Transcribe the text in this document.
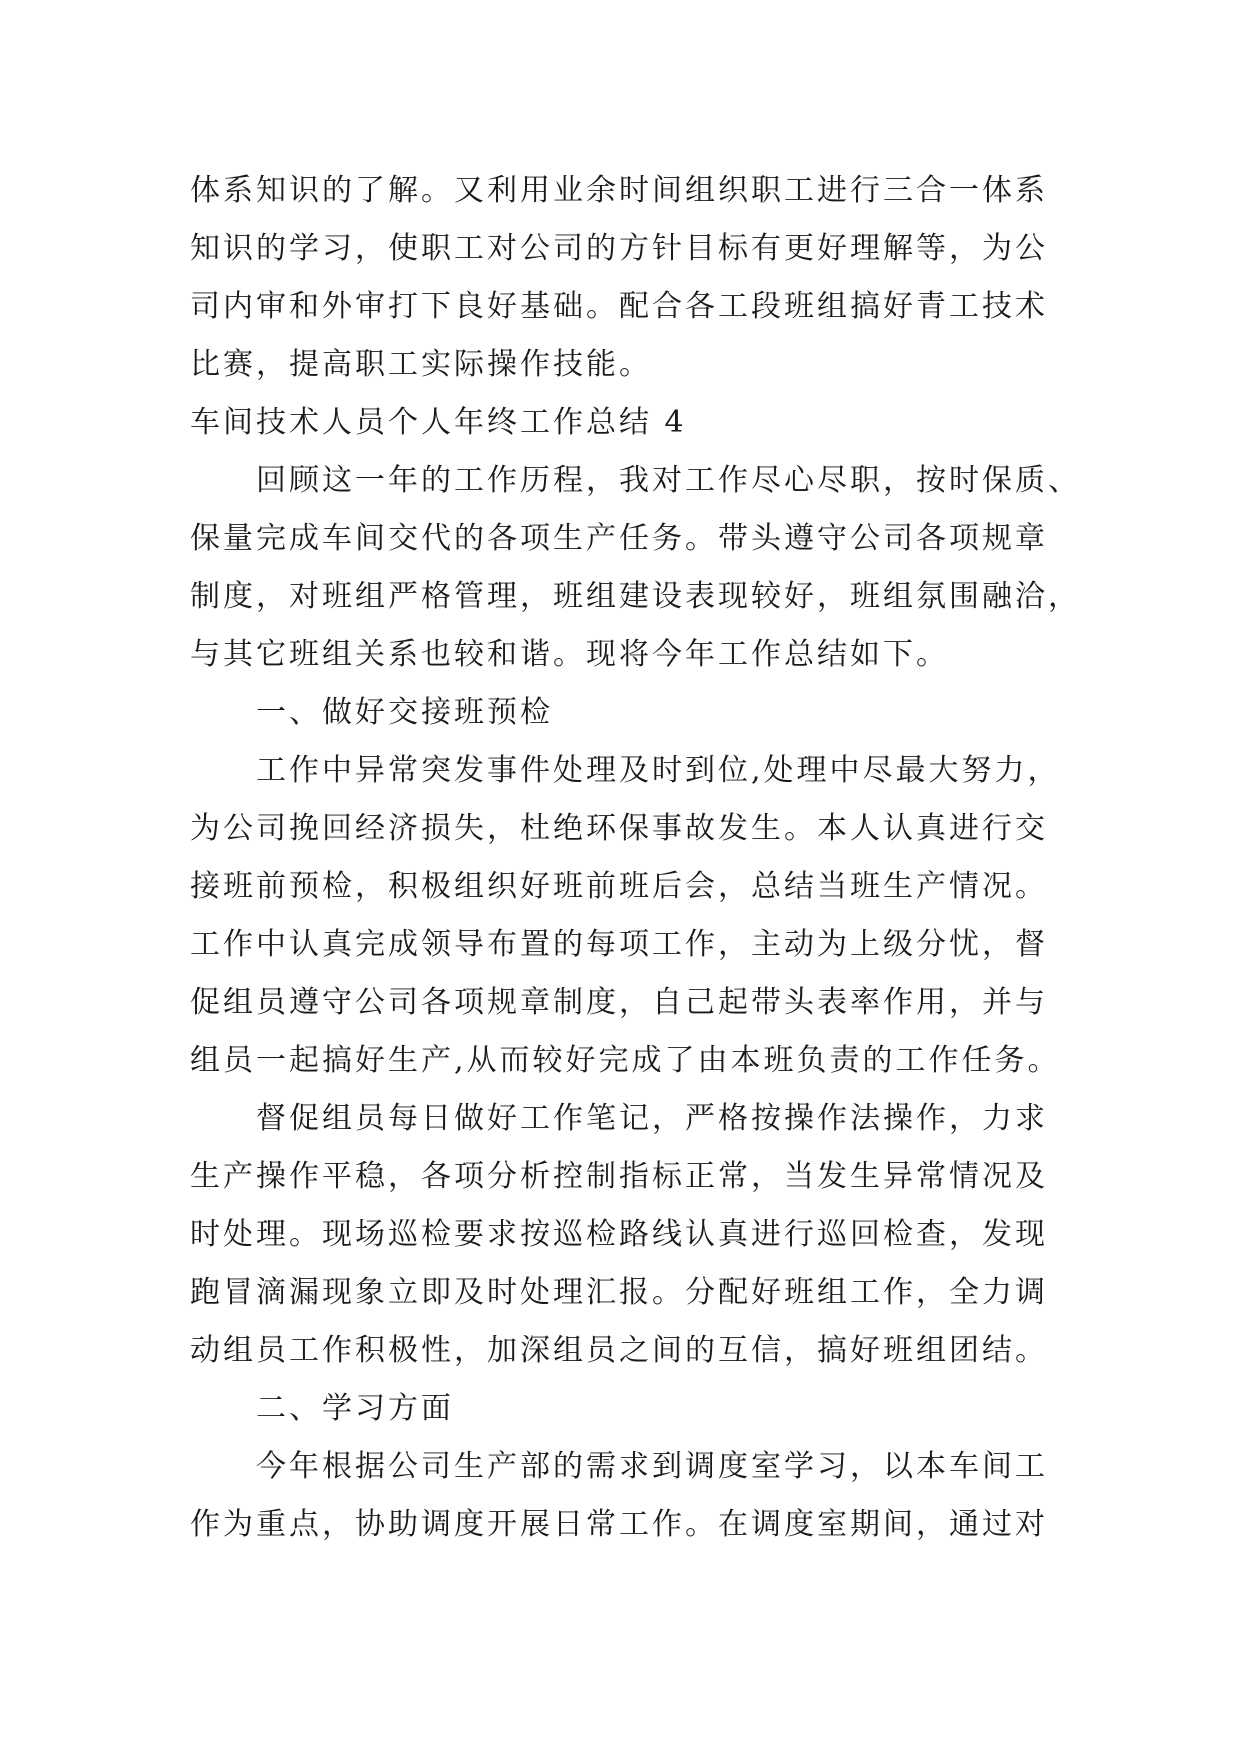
体系知识的了解。又利用业余时间组织职工进行三合一体系
知识的学习，使职工对公司的方针目标有更好理解等，为公
司内审和外审打下良好基础。配合各工段班组搞好青工技术
比赛，提高职工实际操作技能。
车间技术人员个人年终工作总结 4
回顾这一年的工作历程，我对工作尽心尽职，按时保质、
保量完成车间交代的各项生产任务。带头遵守公司各项规章
制度，对班组严格管理，班组建设表现较好，班组氛围融洽，
与其它班组关系也较和谐。现将今年工作总结如下。
一、做好交接班预检
工作中异常突发事件处理及时到位,处理中尽最大努力，
为公司挽回经济损失，杜绝环保事故发生。本人认真进行交
接班前预检，积极组织好班前班后会，总结当班生产情况。
工作中认真完成领导布置的每项工作，主动为上级分忧，督
促组员遵守公司各项规章制度，自己起带头表率作用，并与
组员一起搞好生产,从而较好完成了由本班负责的工作任务。
督促组员每日做好工作笔记，严格按操作法操作，力求
生产操作平稳，各项分析控制指标正常，当发生异常情况及
时处理。现场巡检要求按巡检路线认真进行巡回检查，发现
跑冒滴漏现象立即及时处理汇报。分配好班组工作，全力调
动组员工作积极性，加深组员之间的互信，搞好班组团结。
二、学习方面
今年根据公司生产部的需求到调度室学习，以本车间工
作为重点，协助调度开展日常工作。在调度室期间，通过对
